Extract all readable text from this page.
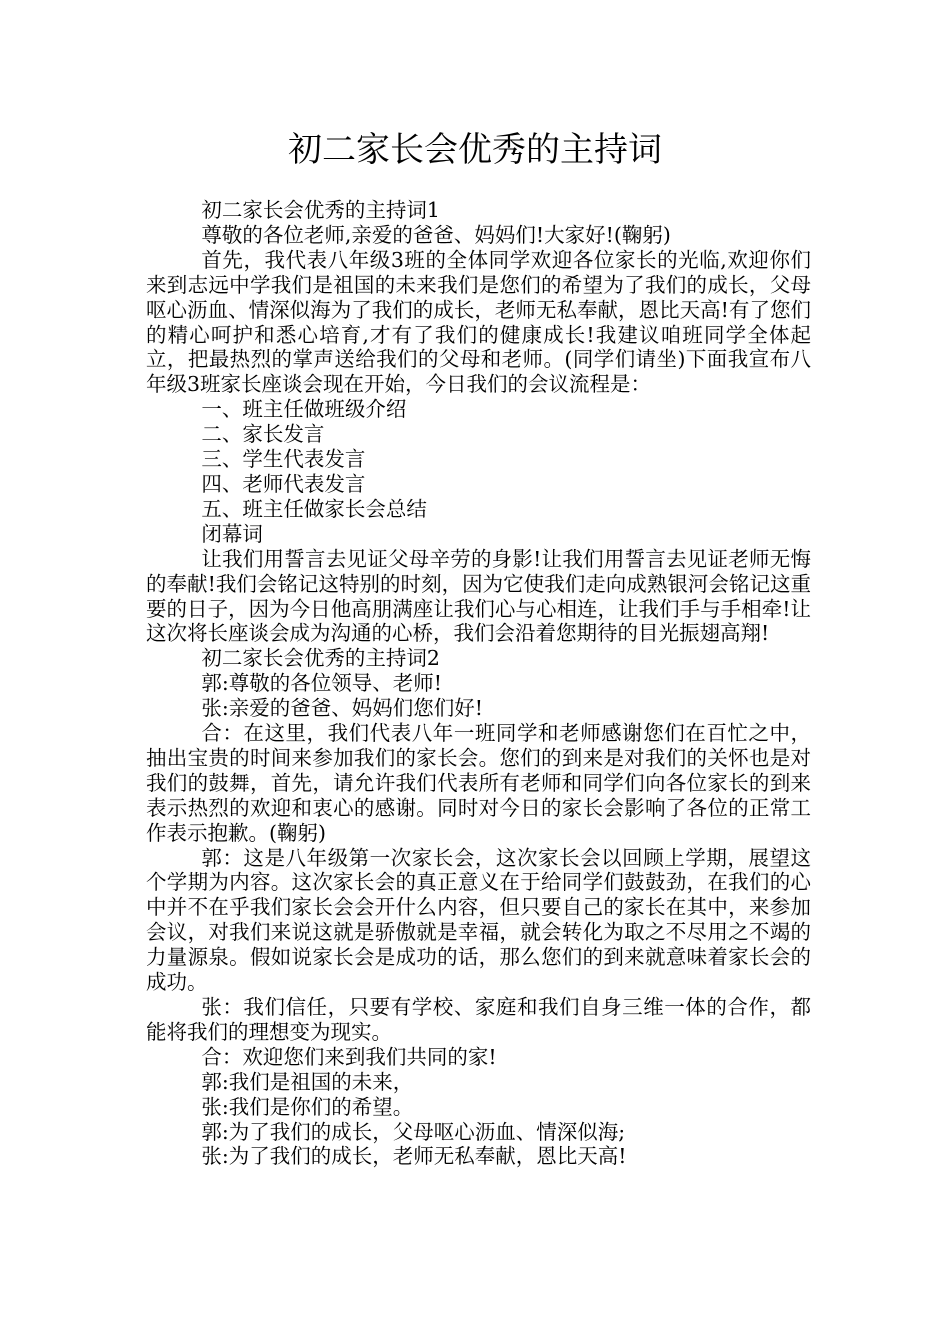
初二家长会优秀的主持词

初二家长会优秀的主持词1

尊敬的各位老师,亲爱的爸爸、妈妈们!大家好!(鞠躬)

首先，我代表八年级3班的全体同学欢迎各位家长的光临,欢迎你们来到志远中学我们是祖国的未来我们是您们的希望为了我们的成长，父母呕心沥血、情深似海为了我们的成长，老师无私奉献，恩比天高!有了您们的精心呵护和悉心培育,才有了我们的健康成长!我建议咱班同学全体起立，把最热烈的掌声送给我们的父母和老师。(同学们请坐)下面我宣布八年级3班家长座谈会现在开始，今日我们的会议流程是：

一、班主任做班级介绍

二、家长发言

三、学生代表发言

四、老师代表发言

五、班主任做家长会总结

闭幕词

让我们用誓言去见证父母辛劳的身影!让我们用誓言去见证老师无悔的奉献!我们会铭记这特别的时刻，因为它使我们走向成熟银河会铭记这重要的日子，因为今日他高朋满座让我们心与心相连，让我们手与手相牵!让这次将长座谈会成为沟通的心桥，我们会沿着您期待的目光振翅高翔!

初二家长会优秀的主持词2

郭:尊敬的各位领导、老师!

张:亲爱的爸爸、妈妈们您们好!

合：在这里，我们代表八年一班同学和老师感谢您们在百忙之中，抽出宝贵的时间来参加我们的家长会。您们的到来是对我们的关怀也是对我们的鼓舞，首先，请允许我们代表所有老师和同学们向各位家长的到来表示热烈的欢迎和衷心的感谢。同时对今日的家长会影响了各位的正常工作表示抱歉。(鞠躬)

郭：这是八年级第一次家长会，这次家长会以回顾上学期，展望这个学期为内容。这次家长会的真正意义在于给同学们鼓鼓劲，在我们的心中并不在乎我们家长会会开什么内容，但只要自己的家长在其中，来参加会议，对我们来说这就是骄傲就是幸福，就会转化为取之不尽用之不竭的力量源泉。假如说家长会是成功的话，那么您们的到来就意味着家长会的成功。

张：我们信任，只要有学校、家庭和我们自身三维一体的合作，都能将我们的理想变为现实。

合：欢迎您们来到我们共同的家!

郭:我们是祖国的未来，

张:我们是你们的希望。

郭:为了我们的成长，父母呕心沥血、情深似海;

张:为了我们的成长，老师无私奉献，恩比天高!
